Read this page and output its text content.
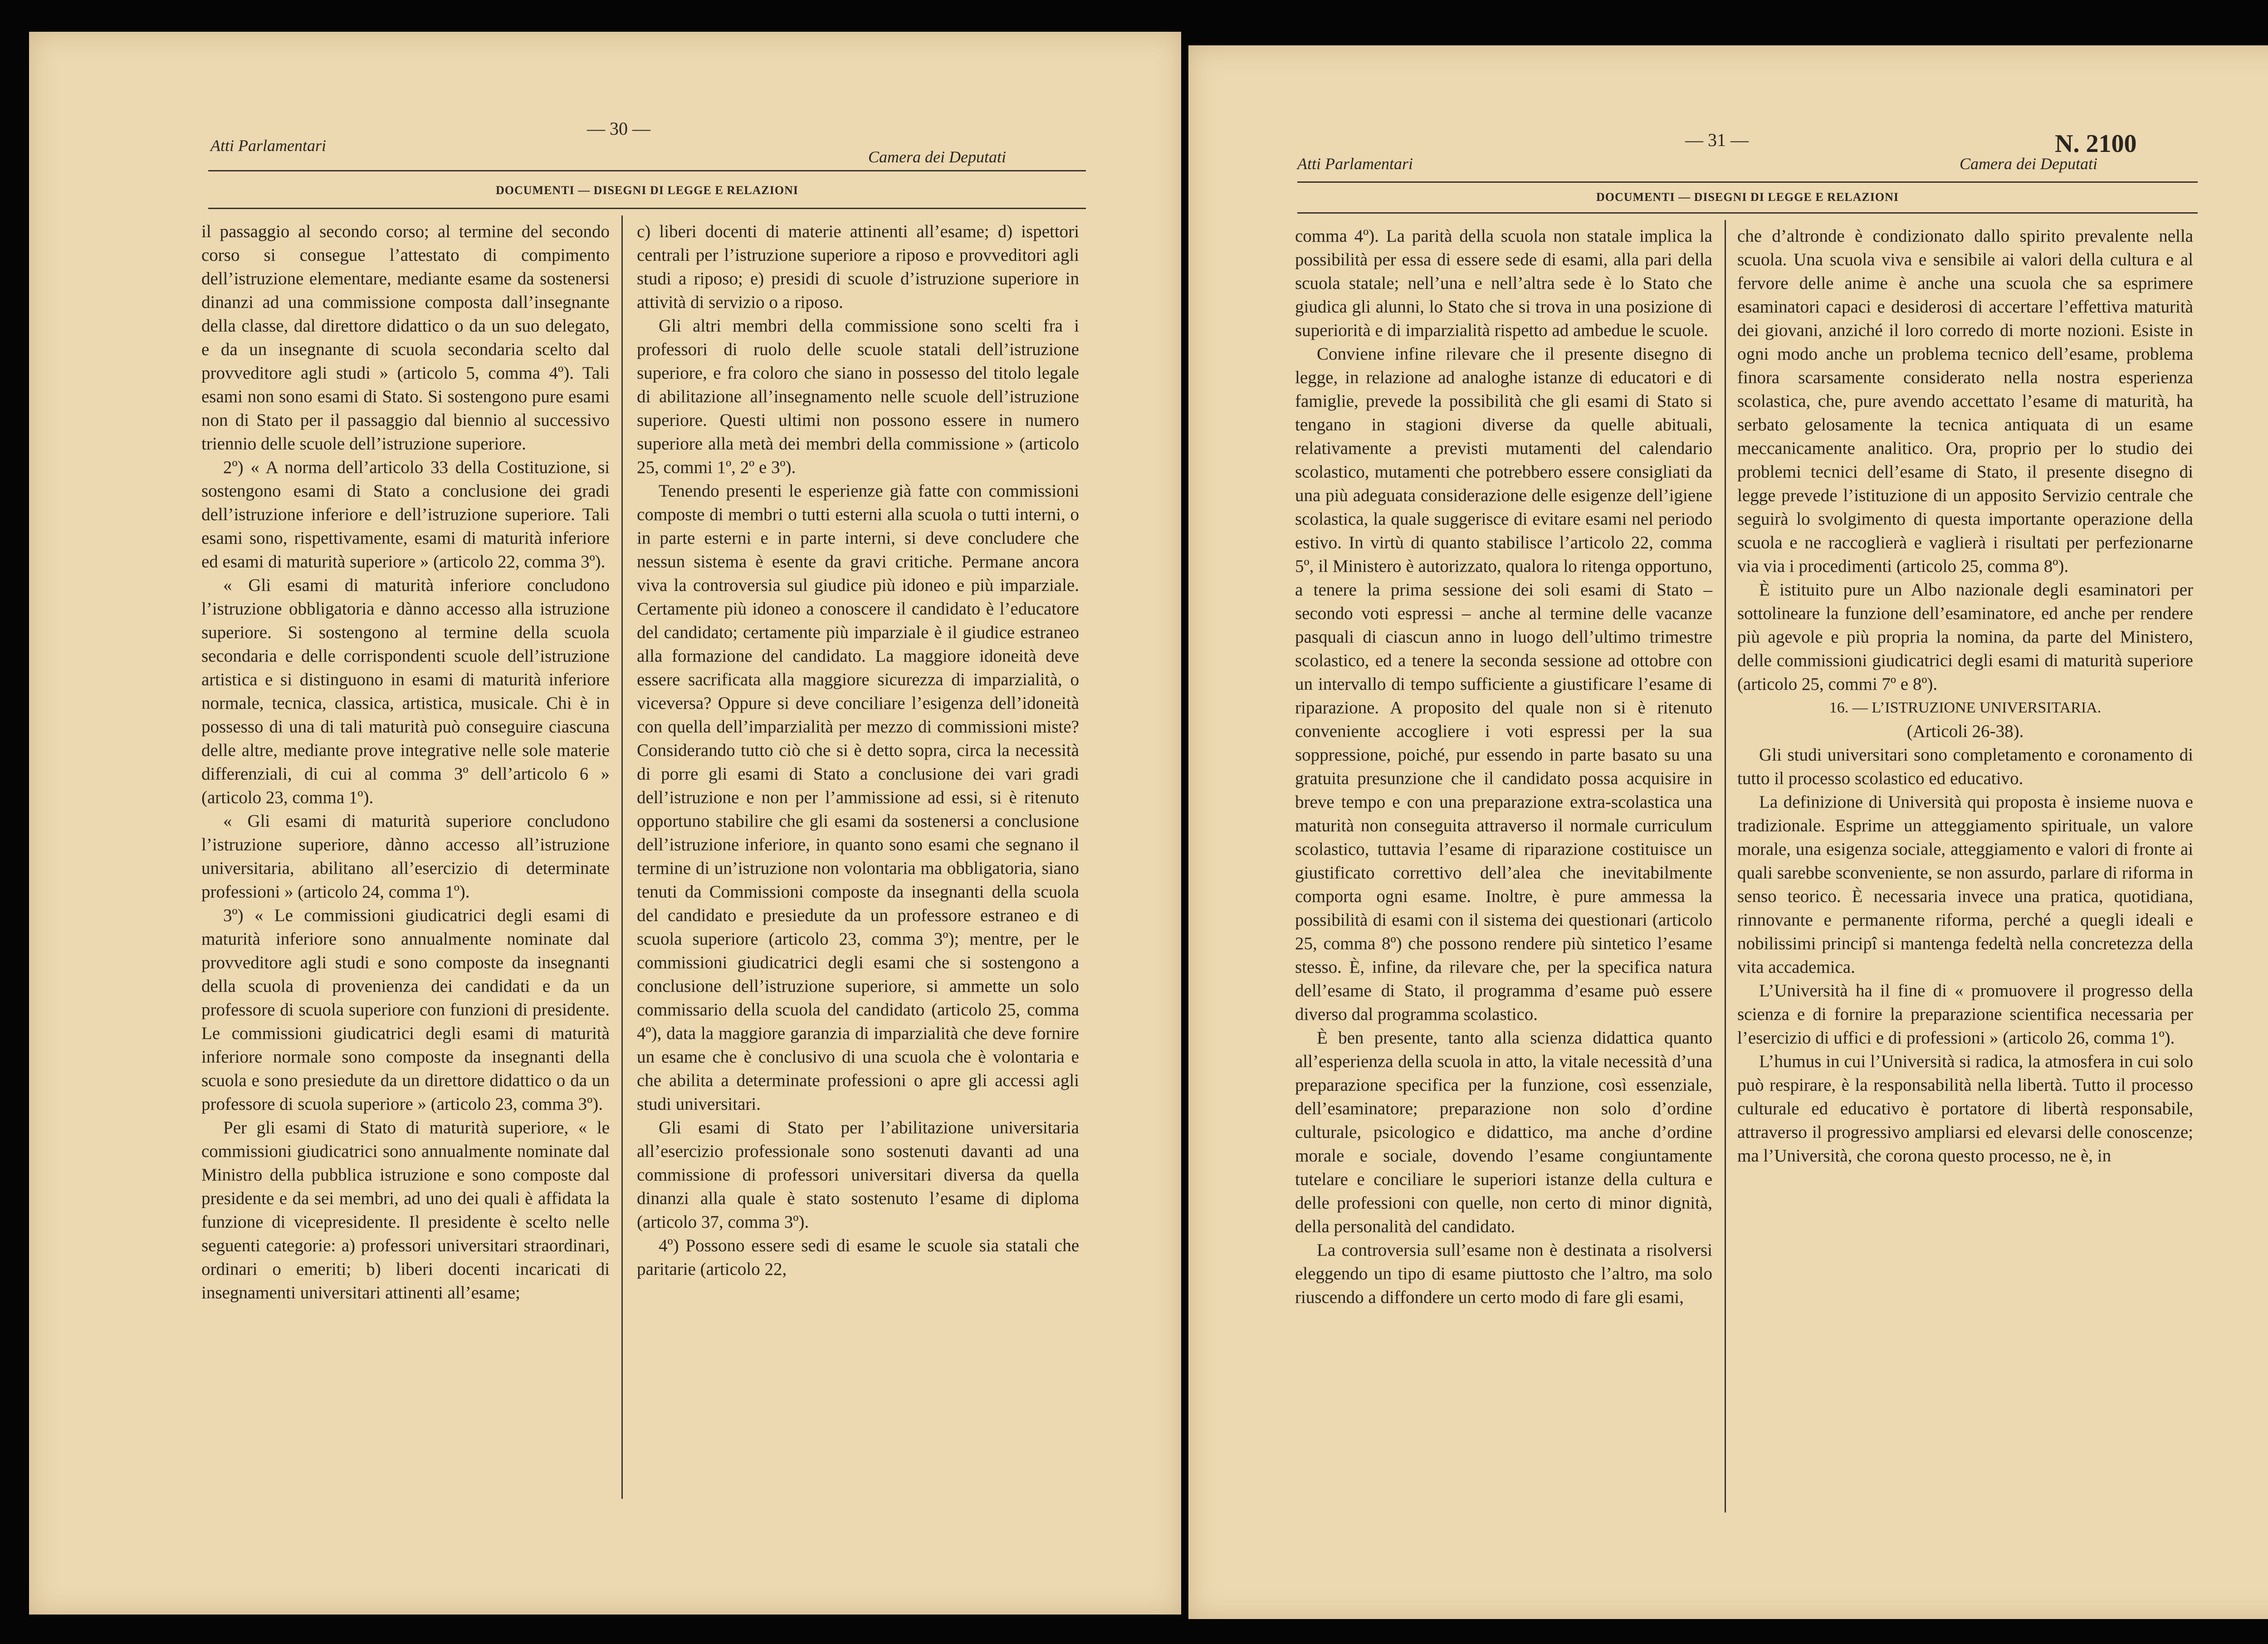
Atti Parlamentari
— 30 —
Camera dei Deputati
DOCUMENTI — DISEGNI DI LEGGE E RELAZIONI

il passaggio al secondo corso; al termine del secondo corso si consegue l’attestato di compimento dell’istruzione elementare, mediante esame da sostenersi dinanzi ad una commissione composta dall’insegnante della classe, dal direttore didattico o da un suo delegato, e da un insegnante di scuola secondaria scelto dal provveditore agli studi » (articolo 5, comma 4º). Tali esami non sono esami di Stato. Si sostengono pure esami non di Stato per il passaggio dal biennio al successivo triennio delle scuole dell’istruzione superiore.

2º) « A norma dell’articolo 33 della Costituzione, si sostengono esami di Stato a conclusione dei gradi dell’istruzione inferiore e dell’istruzione superiore. Tali esami sono, rispettivamente, esami di maturità inferiore ed esami di maturità superiore » (articolo 22, comma 3º).

« Gli esami di maturità inferiore concludono l’istruzione obbligatoria e dànno accesso alla istruzione superiore. Si sostengono al termine della scuola secondaria e delle corrispondenti scuole dell’istruzione artistica e si distinguono in esami di maturità inferiore normale, tecnica, classica, artistica, musicale. Chi è in possesso di una di tali maturità può conseguire ciascuna delle altre, mediante prove integrative nelle sole materie differenziali, di cui al comma 3º dell’articolo 6 » (articolo 23, comma 1º).

« Gli esami di maturità superiore concludono l’istruzione superiore, dànno accesso all’istruzione universitaria, abilitano all’esercizio di determinate professioni » (articolo 24, comma 1º).

3º) « Le commissioni giudicatrici degli esami di maturità inferiore sono annualmente nominate dal provveditore agli studi e sono composte da insegnanti della scuola di provenienza dei candidati e da un professore di scuola superiore con funzioni di presidente. Le commissioni giudicatrici degli esami di maturità inferiore normale sono composte da insegnanti della scuola e sono presiedute da un direttore didattico o da un professore di scuola superiore » (articolo 23, comma 3º).

Per gli esami di Stato di maturità superiore, « le commissioni giudicatrici sono annualmente nominate dal Ministro della pubblica istruzione e sono composte dal presidente e da sei membri, ad uno dei quali è affidata la funzione di vicepresidente. Il presidente è scelto nelle seguenti categorie: a) professori universitari straordinari, ordinari o emeriti; b) liberi docenti incaricati di insegnamenti universitari attinenti all’esame;

c) liberi docenti di materie attinenti all’esame; d) ispettori centrali per l’istruzione superiore a riposo e provveditori agli studi a riposo; e) presidi di scuole d’istruzione superiore in attività di servizio o a riposo.

Gli altri membri della commissione sono scelti fra i professori di ruolo delle scuole statali dell’istruzione superiore, e fra coloro che siano in possesso del titolo legale di abilitazione all’insegnamento nelle scuole dell’istruzione superiore. Questi ultimi non possono essere in numero superiore alla metà dei membri della commissione » (articolo 25, commi 1º, 2º e 3º).

Tenendo presenti le esperienze già fatte con commissioni composte di membri o tutti esterni alla scuola o tutti interni, o in parte esterni e in parte interni, si deve concludere che nessun sistema è esente da gravi critiche. Permane ancora viva la controversia sul giudice più idoneo e più imparziale. Certamente più idoneo a conoscere il candidato è l’educatore del candidato; certamente più imparziale è il giudice estraneo alla formazione del candidato. La maggiore idoneità deve essere sacrificata alla maggiore sicurezza di imparzialità, o viceversa? Oppure si deve conciliare l’esigenza dell’idoneità con quella dell’imparzialità per mezzo di commissioni miste? Considerando tutto ciò che si è detto sopra, circa la necessità di porre gli esami di Stato a conclusione dei vari gradi dell’istruzione e non per l’ammissione ad essi, si è ritenuto opportuno stabilire che gli esami da sostenersi a conclusione dell’istruzione inferiore, in quanto sono esami che segnano il termine di un’istruzione non volontaria ma obbligatoria, siano tenuti da Commissioni composte da insegnanti della scuola del candidato e presiedute da un professore estraneo e di scuola superiore (articolo 23, comma 3º); mentre, per le commissioni giudicatrici degli esami che si sostengono a conclusione dell’istruzione superiore, si ammette un solo commissario della scuola del candidato (articolo 25, comma 4º), data la maggiore garanzia di imparzialità che deve fornire un esame che è conclusivo di una scuola che è volontaria e che abilita a determinate professioni o apre gli accessi agli studi universitari.

Gli esami di Stato per l’abilitazione universitaria all’esercizio professionale sono sostenuti davanti ad una commissione di professori universitari diversa da quella dinanzi alla quale è stato sostenuto l’esame di diploma (articolo 37, comma 3º).

4º) Possono essere sedi di esame le scuole sia statali che paritarie (articolo 22,

Atti Parlamentari
— 31 —	N. 2100
Camera dei Deputati
DOCUMENTI — DISEGNI DI LEGGE E RELAZIONI

comma 4º). La parità della scuola non statale implica la possibilità per essa di essere sede di esami, alla pari della scuola statale; nell’una e nell’altra sede è lo Stato che giudica gli alunni, lo Stato che si trova in una posizione di superiorità e di imparzialità rispetto ad ambedue le scuole.

Conviene infine rilevare che il presente disegno di legge, in relazione ad analoghe istanze di educatori e di famiglie, prevede la possibilità che gli esami di Stato si tengano in stagioni diverse da quelle abituali, relativamente a previsti mutamenti del calendario scolastico, mutamenti che potrebbero essere consigliati da una più adeguata considerazione delle esigenze dell’igiene scolastica, la quale suggerisce di evitare esami nel periodo estivo. In virtù di quanto stabilisce l’articolo 22, comma 5º, il Ministero è autorizzato, qualora lo ritenga opportuno, a tenere la prima sessione dei soli esami di Stato – secondo voti espressi – anche al termine delle vacanze pasquali di ciascun anno in luogo dell’ultimo trimestre scolastico, ed a tenere la seconda sessione ad ottobre con un intervallo di tempo sufficiente a giustificare l’esame di riparazione. A proposito del quale non si è ritenuto conveniente accogliere i voti espressi per la sua soppressione, poiché, pur essendo in parte basato su una gratuita presunzione che il candidato possa acquisire in breve tempo e con una preparazione extra-scolastica una maturità non conseguita attraverso il normale curriculum scolastico, tuttavia l’esame di riparazione costituisce un giustificato correttivo dell’alea che inevitabilmente comporta ogni esame. Inoltre, è pure ammessa la possibilità di esami con il sistema dei questionari (articolo 25, comma 8º) che possono rendere più sintetico l’esame stesso. È, infine, da rilevare che, per la specifica natura dell’esame di Stato, il programma d’esame può essere diverso dal programma scolastico.

È ben presente, tanto alla scienza didattica quanto all’esperienza della scuola in atto, la vitale necessità d’una preparazione specifica per la funzione, così essenziale, dell’esaminatore; preparazione non solo d’ordine culturale, psicologico e didattico, ma anche d’ordine morale e sociale, dovendo l’esame congiuntamente tutelare e conciliare le superiori istanze della cultura e delle professioni con quelle, non certo di minor dignità, della personalità del candidato.

La controversia sull’esame non è destinata a risolversi eleggendo un tipo di esame piuttosto che l’altro, ma solo riuscendo a diffondere un certo modo di fare gli esami,

che d’altronde è condizionato dallo spirito prevalente nella scuola. Una scuola viva e sensibile ai valori della cultura e al fervore delle anime è anche una scuola che sa esprimere esaminatori capaci e desiderosi di accertare l’effettiva maturità dei giovani, anziché il loro corredo di morte nozioni. Esiste in ogni modo anche un problema tecnico dell’esame, problema finora scarsamente considerato nella nostra esperienza scolastica, che, pure avendo accettato l’esame di maturità, ha serbato gelosamente la tecnica antiquata di un esame meccanicamente analitico. Ora, proprio per lo studio dei problemi tecnici dell’esame di Stato, il presente disegno di legge prevede l’istituzione di un apposito Servizio centrale che seguirà lo svolgimento di questa importante operazione della scuola e ne raccoglierà e vaglierà i risultati per perfezionarne via via i procedimenti (articolo 25, comma 8º).

È istituito pure un Albo nazionale degli esaminatori per sottolineare la funzione dell’esaminatore, ed anche per rendere più agevole e più propria la nomina, da parte del Ministero, delle commissioni giudicatrici degli esami di maturità superiore (articolo 25, commi 7º e 8º).

16. — L’ISTRUZIONE UNIVERSITARIA.

(Articoli 26-38).

Gli studi universitari sono completamento e coronamento di tutto il processo scolastico ed educativo.

La definizione di Università qui proposta è insieme nuova e tradizionale. Esprime un atteggiamento spirituale, un valore morale, una esigenza sociale, atteggiamento e valori di fronte ai quali sarebbe sconveniente, se non assurdo, parlare di riforma in senso teorico. È necessaria invece una pratica, quotidiana, rinnovante e permanente riforma, perché a quegli ideali e nobilissimi principî si mantenga fedeltà nella concretezza della vita accademica.

L’Università ha il fine di « promuovere il progresso della scienza e di fornire la preparazione scientifica necessaria per l’esercizio di uffici e di professioni » (articolo 26, comma 1º).

L’humus in cui l’Università si radica, la atmosfera in cui solo può respirare, è la responsabilità nella libertà. Tutto il processo culturale ed educativo è portatore di libertà responsabile, attraverso il progressivo ampliarsi ed elevarsi delle conoscenze; ma l’Università, che corona questo processo, ne è, in
